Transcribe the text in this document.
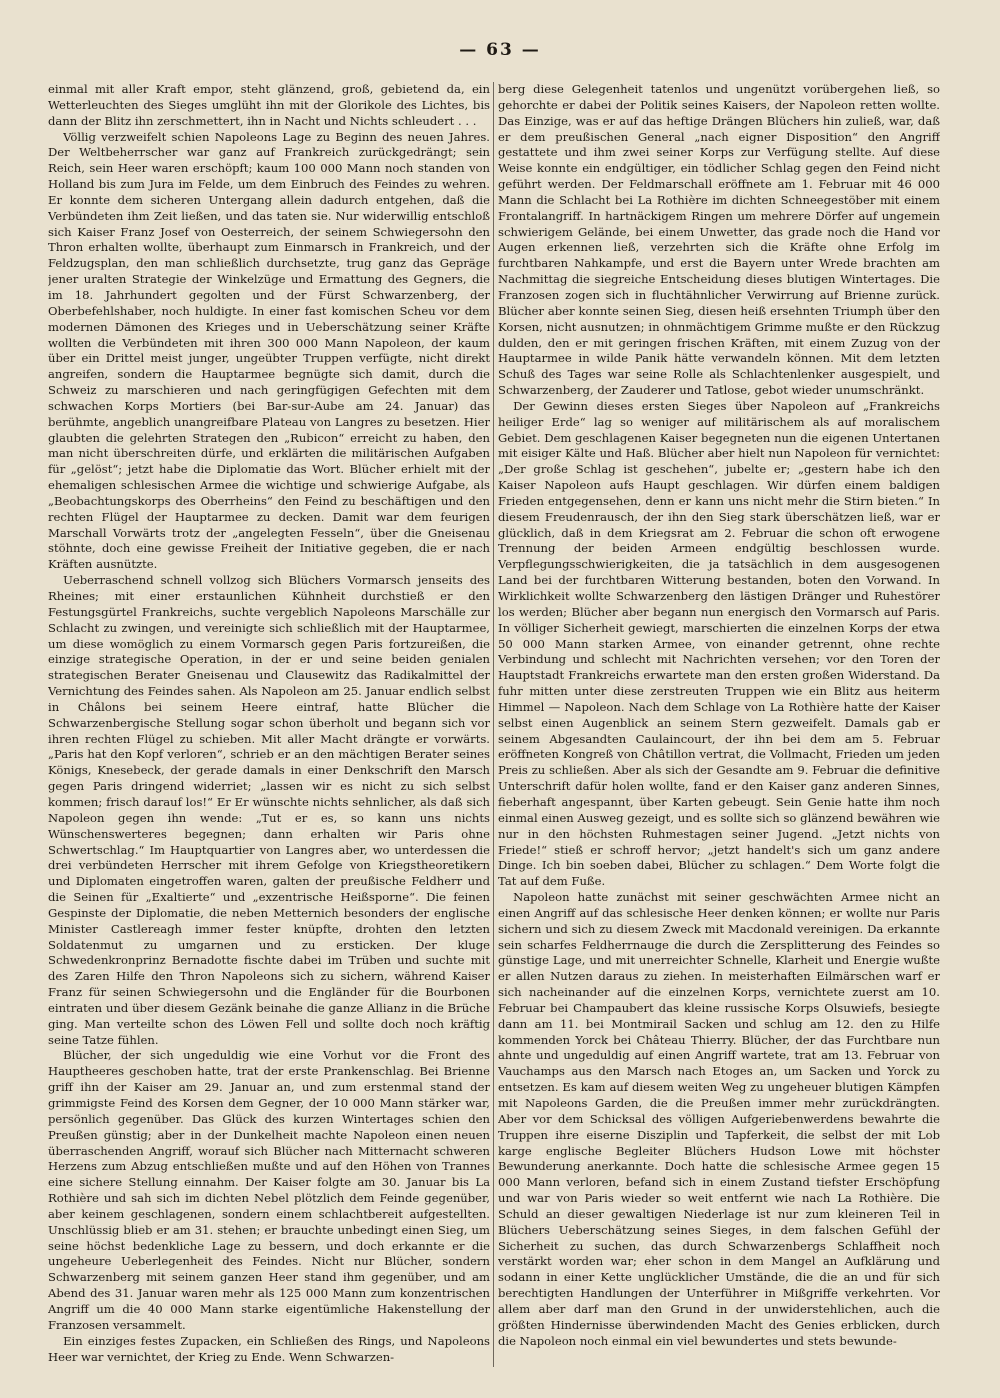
— 63 —

einmal mit aller Kraft empor, steht glänzend, groß, gebietend da, ein Wetterleuchten des Sieges umglüht ihn mit der Glorikole des Lichtes, bis dann der Blitz ihn zerschmettert, ihn in Nacht und Nichts schleudert . . .

Völlig verzweifelt schien Napoleons Lage zu Beginn des neuen Jahres. Der Weltbeherrscher war ganz auf Frankreich zurückgedrängt; sein Reich, sein Heer waren erschöpft; kaum 100 000 Mann noch standen von Holland bis zum Jura im Felde, um dem Einbruch des Feindes zu wehren. Er konnte dem sicheren Untergang allein dadurch entgehen, daß die Verbündeten ihm Zeit ließen, und das taten sie. Nur widerwillig entschloß sich Kaiser Franz Josef von Oesterreich, der seinem Schwiegersohn den Thron erhalten wollte, überhaupt zum Einmarsch in Frankreich, und der Feldzugsplan, den man schließlich durchsetzte, trug ganz das Gepräge jener uralten Strategie der Winkelzüge und Ermattung des Gegners, die im 18. Jahrhundert gegolten und der Fürst Schwarzenberg, der Oberbefehlshaber, noch huldigte. In einer fast komischen Scheu vor dem modernen Dämonen des Krieges und in Ueberschätzung seiner Kräfte wollten die Verbündeten mit ihren 300 000 Mann Napoleon, der kaum über ein Drittel meist junger, ungeübter Truppen verfügte, nicht direkt angreifen, sondern die Hauptarmee begnügte sich damit, durch die Schweiz zu marschieren und nach geringfügigen Gefechten mit dem schwachen Korps Mortiers (bei Bar-sur-Aube am 24. Januar) das berühmte, angeblich unangreifbare Plateau von Langres zu besetzen. Hier glaubten die gelehrten Strategen den „Rubicon“ erreicht zu haben, den man nicht überschreiten dürfe, und erklärten die militärischen Aufgaben für „gelöst“; jetzt habe die Diplomatie das Wort. Blücher erhielt mit der ehemaligen schlesischen Armee die wichtige und schwierige Aufgabe, als „Beobachtungskorps des Oberrheins“ den Feind zu beschäftigen und den rechten Flügel der Hauptarmee zu decken. Damit war dem feurigen Marschall Vorwärts trotz der „angelegten Fesseln“, über die Gneisenau stöhnte, doch eine gewisse Freiheit der Initiative gegeben, die er nach Kräften ausnützte.

Ueberraschend schnell vollzog sich Blüchers Vormarsch jenseits des Rheines; mit einer erstaunlichen Kühnheit durchstieß er den Festungsgürtel Frankreichs, suchte vergeblich Napoleons Marschälle zur Schlacht zu zwingen, und vereinigte sich schließlich mit der Hauptarmee, um diese womöglich zu einem Vormarsch gegen Paris fortzureißen, die einzige strategische Operation, in der er und seine beiden genialen strategischen Berater Gneisenau und Clausewitz das Radikalmittel der Vernichtung des Feindes sahen. Als Napoleon am 25. Januar endlich selbst in Châlons bei seinem Heere eintraf, hatte Blücher die Schwarzenbergische Stellung sogar schon überholt und begann sich vor ihren rechten Flügel zu schieben. Mit aller Macht drängte er vorwärts. „Paris hat den Kopf verloren“, schrieb er an den mächtigen Berater seines Königs, Knesebeck, der gerade damals in einer Denkschrift den Marsch gegen Paris dringend widerriet; „lassen wir es nicht zu sich selbst kommen; frisch darauf los!“ Er Er wünschte nichts sehnlicher, als daß sich Napoleon gegen ihn wende: „Tut er es, so kann uns nichts Wünschenswerteres begegnen; dann erhalten wir Paris ohne Schwertschlag.“ Im Hauptquartier von Langres aber, wo unterdessen die drei verbündeten Herrscher mit ihrem Gefolge von Kriegstheoretikern und Diplomaten eingetroffen waren, galten der preußische Feldherr und die Seinen für „Exaltierte“ und „exzentrische Heißsporne“. Die feinen Gespinste der Diplomatie, die neben Metternich besonders der englische Minister Castlereagh immer fester knüpfte, drohten den letzten Soldatenmut zu umgarnen und zu ersticken. Der kluge Schwedenkronprinz Bernadotte fischte dabei im Trüben und suchte mit des Zaren Hilfe den Thron Napoleons sich zu sichern, während Kaiser Franz für seinen Schwiegersohn und die Engländer für die Bourbonen eintraten und über diesem Gezänk beinahe die ganze Allianz in die Brüche ging. Man verteilte schon des Löwen Fell und sollte doch noch kräftig seine Tatze fühlen.

Blücher, der sich ungeduldig wie eine Vorhut vor die Front des Hauptheeres geschoben hatte, trat der erste Prankenschlag. Bei Brienne griff ihn der Kaiser am 29. Januar an, und zum erstenmal stand der grimmigste Feind des Korsen dem Gegner, der 10 000 Mann stärker war, persönlich gegenüber. Das Glück des kurzen Wintertages schien den Preußen günstig; aber in der Dunkelheit machte Napoleon einen neuen überraschenden Angriff, worauf sich Blücher nach Mitternacht schweren Herzens zum Abzug entschließen mußte und auf den Höhen von Trannes eine sichere Stellung einnahm. Der Kaiser folgte am 30. Januar bis La Rothière und sah sich im dichten Nebel plötzlich dem Feinde gegenüber, aber keinem geschlagenen, sondern einem schlachtbereit aufgestellten. Unschlüssig blieb er am 31. stehen; er brauchte unbedingt einen Sieg, um seine höchst bedenkliche Lage zu bessern, und doch erkannte er die ungeheure Ueberlegenheit des Feindes. Nicht nur Blücher, sondern Schwarzenberg mit seinem ganzen Heer stand ihm gegenüber, und am Abend des 31. Januar waren mehr als 125 000 Mann zum konzentrischen Angriff um die 40 000 Mann starke eigentümliche Hakenstellung der Franzosen versammelt.

Ein einziges festes Zupacken, ein Schließen des Rings, und Napoleons Heer war vernichtet, der Krieg zu Ende. Wenn Schwarzen-

berg diese Gelegenheit tatenlos und ungenützt vorübergehen ließ, so gehorchte er dabei der Politik seines Kaisers, der Napoleon retten wollte. Das Einzige, was er auf das heftige Drängen Blüchers hin zuließ, war, daß er dem preußischen General „nach eigner Disposition“ den Angriff gestattete und ihm zwei seiner Korps zur Verfügung stellte. Auf diese Weise konnte ein endgültiger, ein tödlicher Schlag gegen den Feind nicht geführt werden. Der Feldmarschall eröffnete am 1. Februar mit 46 000 Mann die Schlacht bei La Rothière im dichten Schneegestöber mit einem Frontalangriff. In hartnäckigem Ringen um mehrere Dörfer auf ungemein schwierigem Gelände, bei einem Unwetter, das grade noch die Hand vor Augen erkennen ließ, verzehrten sich die Kräfte ohne Erfolg im furchtbaren Nahkampfe, und erst die Bayern unter Wrede brachten am Nachmittag die siegreiche Entscheidung dieses blutigen Wintertages. Die Franzosen zogen sich in fluchtähnlicher Verwirrung auf Brienne zurück. Blücher aber konnte seinen Sieg, diesen heiß ersehnten Triumph über den Korsen, nicht ausnutzen; in ohnmächtigem Grimme mußte er den Rückzug dulden, den er mit geringen frischen Kräften, mit einem Zuzug von der Hauptarmee in wilde Panik hätte verwandeln können. Mit dem letzten Schuß des Tages war seine Rolle als Schlachtenlenker ausgespielt, und Schwarzenberg, der Zauderer und Tatlose, gebot wieder unumschränkt.

Der Gewinn dieses ersten Sieges über Napoleon auf „Frankreichs heiliger Erde“ lag so weniger auf militärischem als auf moralischem Gebiet. Dem geschlagenen Kaiser begegneten nun die eigenen Untertanen mit eisiger Kälte und Haß. Blücher aber hielt nun Napoleon für vernichtet: „Der große Schlag ist geschehen“, jubelte er; „gestern habe ich den Kaiser Napoleon aufs Haupt geschlagen. Wir dürfen einem baldigen Frieden entgegensehen, denn er kann uns nicht mehr die Stirn bieten.“ In diesem Freudenrausch, der ihn den Sieg stark überschätzen ließ, war er glücklich, daß in dem Kriegsrat am 2. Februar die schon oft erwogene Trennung der beiden Armeen endgültig beschlossen wurde. Verpflegungsschwierigkeiten, die ja tatsächlich in dem ausgesogenen Land bei der furchtbaren Witterung bestanden, boten den Vorwand. In Wirklichkeit wollte Schwarzenberg den lästigen Dränger und Ruhestörer los werden; Blücher aber begann nun energisch den Vormarsch auf Paris. In völliger Sicherheit gewiegt, marschierten die einzelnen Korps der etwa 50 000 Mann starken Armee, von einander getrennt, ohne rechte Verbindung und schlecht mit Nachrichten versehen; vor den Toren der Hauptstadt Frankreichs erwartete man den ersten großen Widerstand. Da fuhr mitten unter diese zerstreuten Truppen wie ein Blitz aus heiterm Himmel — Napoleon. Nach dem Schlage von La Rothière hatte der Kaiser selbst einen Augenblick an seinem Stern gezweifelt. Damals gab er seinem Abgesandten Caulaincourt, der ihn bei dem am 5. Februar eröffneten Kongreß von Châtillon vertrat, die Vollmacht, Frieden um jeden Preis zu schließen. Aber als sich der Gesandte am 9. Februar die definitive Unterschrift dafür holen wollte, fand er den Kaiser ganz anderen Sinnes, fieberhaft angespannt, über Karten gebeugt. Sein Genie hatte ihm noch einmal einen Ausweg gezeigt, und es sollte sich so glänzend bewähren wie nur in den höchsten Ruhmestagen seiner Jugend. „Jetzt nichts von Friede!“ stieß er schroff hervor; „jetzt handelt's sich um ganz andere Dinge. Ich bin soeben dabei, Blücher zu schlagen.“ Dem Worte folgt die Tat auf dem Fuße.

Napoleon hatte zunächst mit seiner geschwächten Armee nicht an einen Angriff auf das schlesische Heer denken können; er wollte nur Paris sichern und sich zu diesem Zweck mit Macdonald vereinigen. Da erkannte sein scharfes Feldherrnauge die durch die Zersplitterung des Feindes so günstige Lage, und mit unerreichter Schnelle, Klarheit und Energie wußte er allen Nutzen daraus zu ziehen. In meisterhaften Eilmärschen warf er sich nacheinander auf die einzelnen Korps, vernichtete zuerst am 10. Februar bei Champaubert das kleine russische Korps Olsuwiefs, besiegte dann am 11. bei Montmirail Sacken und schlug am 12. den zu Hilfe kommenden Yorck bei Château Thierry. Blücher, der das Furchtbare nun ahnte und ungeduldig auf einen Angriff wartete, trat am 13. Februar von Vauchamps aus den Marsch nach Etoges an, um Sacken und Yorck zu entsetzen. Es kam auf diesem weiten Weg zu ungeheuer blutigen Kämpfen mit Napoleons Garden, die die Preußen immer mehr zurückdrängten. Aber vor dem Schicksal des völligen Aufgeriebenwerdens bewahrte die Truppen ihre eiserne Disziplin und Tapferkeit, die selbst der mit Lob karge englische Begleiter Blüchers Hudson Lowe mit höchster Bewunderung anerkannte. Doch hatte die schlesische Armee gegen 15 000 Mann verloren, befand sich in einem Zustand tiefster Erschöpfung und war von Paris wieder so weit entfernt wie nach La Rothière. Die Schuld an dieser gewaltigen Niederlage ist nur zum kleineren Teil in Blüchers Ueberschätzung seines Sieges, in dem falschen Gefühl der Sicherheit zu suchen, das durch Schwarzenbergs Schlaffheit noch verstärkt worden war; eher schon in dem Mangel an Aufklärung und sodann in einer Kette unglücklicher Umstände, die die an und für sich berechtigten Handlungen der Unterführer in Mißgriffe verkehrten. Vor allem aber darf man den Grund in der unwiderstehlichen, auch die größten Hindernisse überwindenden Macht des Genies erblicken, durch die Napoleon noch einmal ein viel bewundertes und stets bewunde-
